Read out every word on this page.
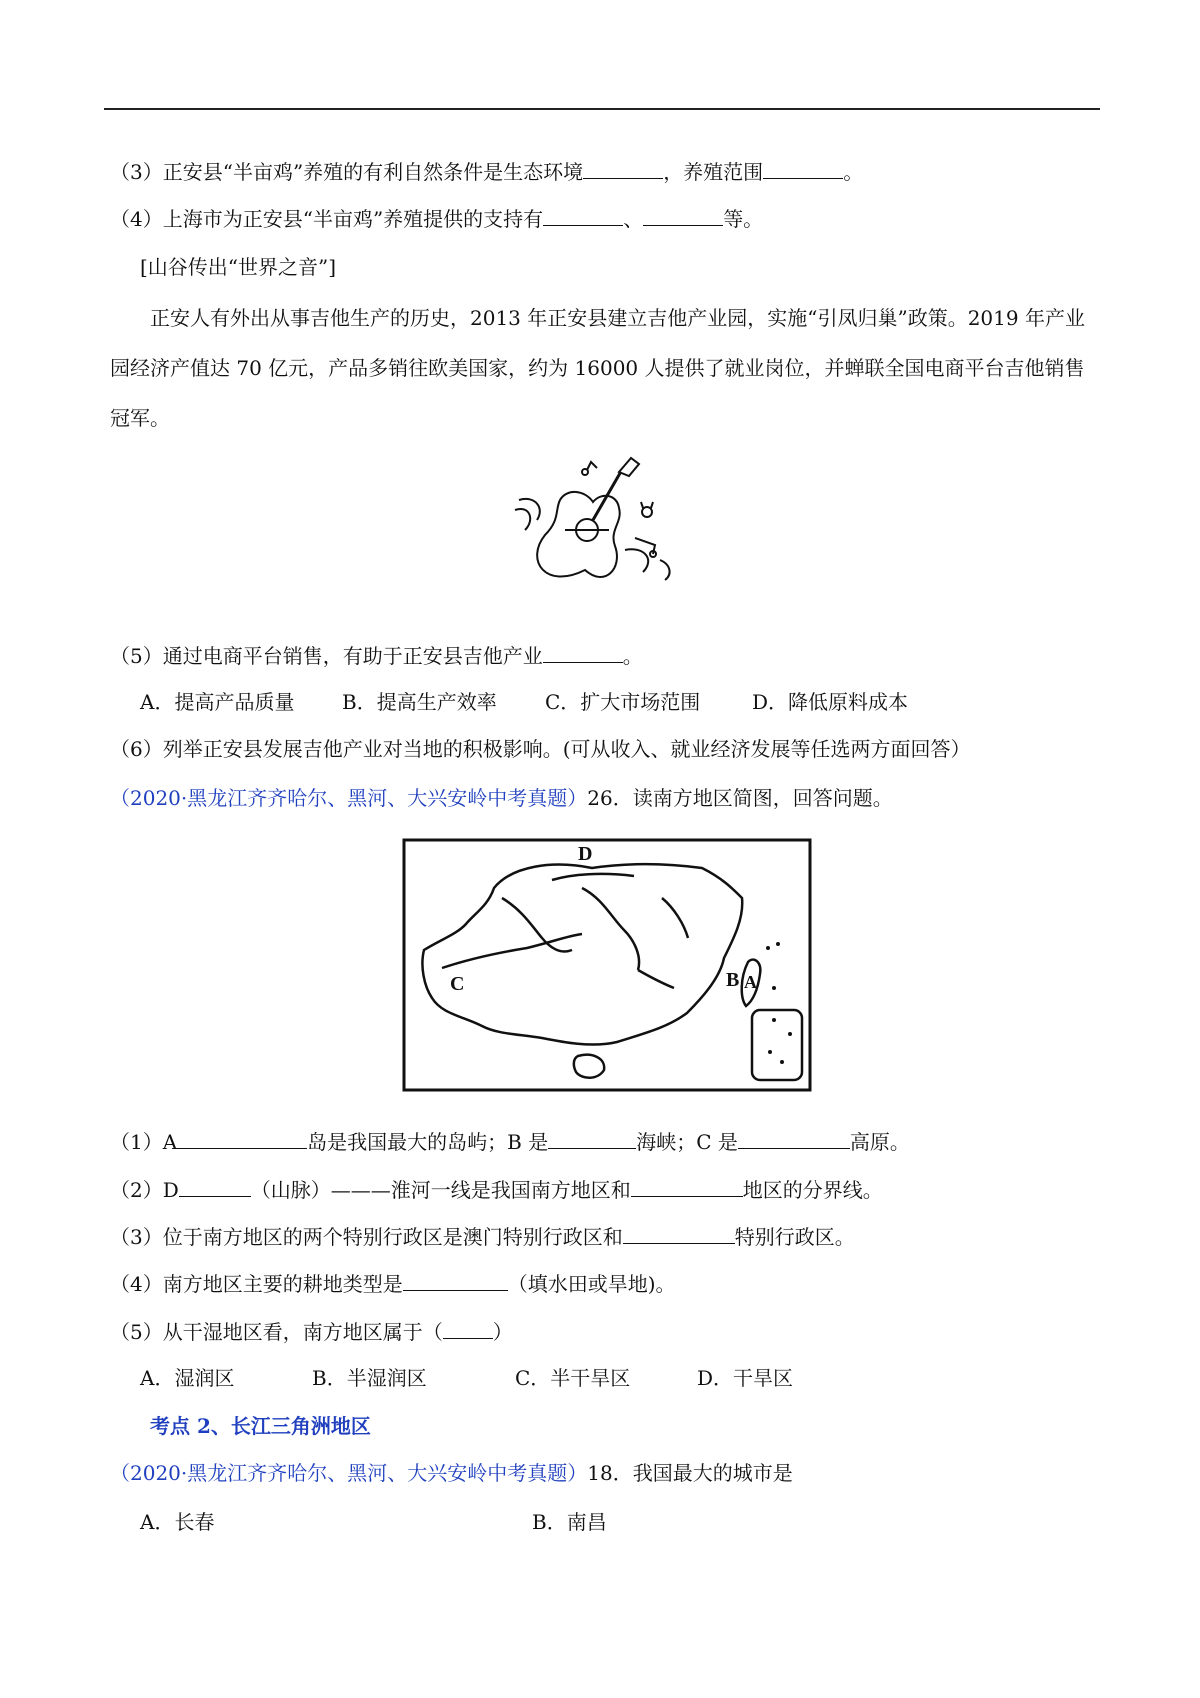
（3）正安县“半亩鸡”养殖的有利自然条件是生态环境	，养殖范围	。
（4）上海市为正安县“半亩鸡”养殖提供的支持有	、	等。
[山谷传出“世界之音”]
正安人有外出从事吉他生产的历史，2013 年正安县建立吉他产业园，实施“引凤归巢”政策。2019 年产业园经济产值达 70 亿元，产品多销往欧美国家，约为 16000 人提供了就业岗位，并蝉联全国电商平台吉他销售冠军。
（5）通过电商平台销售，有助于正安县吉他产业	。
A．提高产品质量 B．提高生产效率 C．扩大市场范围	D．降低原料成本
（6）列举正安县发展吉他产业对当地的积极影响。(可从收入、就业经济发展等任选两方面回答）
（2020·黑龙江齐齐哈尔、黑河、大兴安岭中考真题）26．读南方地区简图，回答问题。
D
C	B A
（1）A	岛是我国最大的岛屿；B 是	海峡；C 是	高原。
（2）D	（山脉）———淮河一线是我国南方地区和	地区的分界线。
（3）位于南方地区的两个特别行政区是澳门特别行政区和	特别行政区。
（4）南方地区主要的耕地类型是	（填水田或旱地)。
（5）从干湿地区看，南方地区属于（	）
A．湿润区	B．半湿润区	C．半干旱区	D．干旱区
考点 2、长江三角洲地区
（2020·黑龙江齐齐哈尔、黑河、大兴安岭中考真题）18．我国最大的城市是
A．长春	B．南昌
